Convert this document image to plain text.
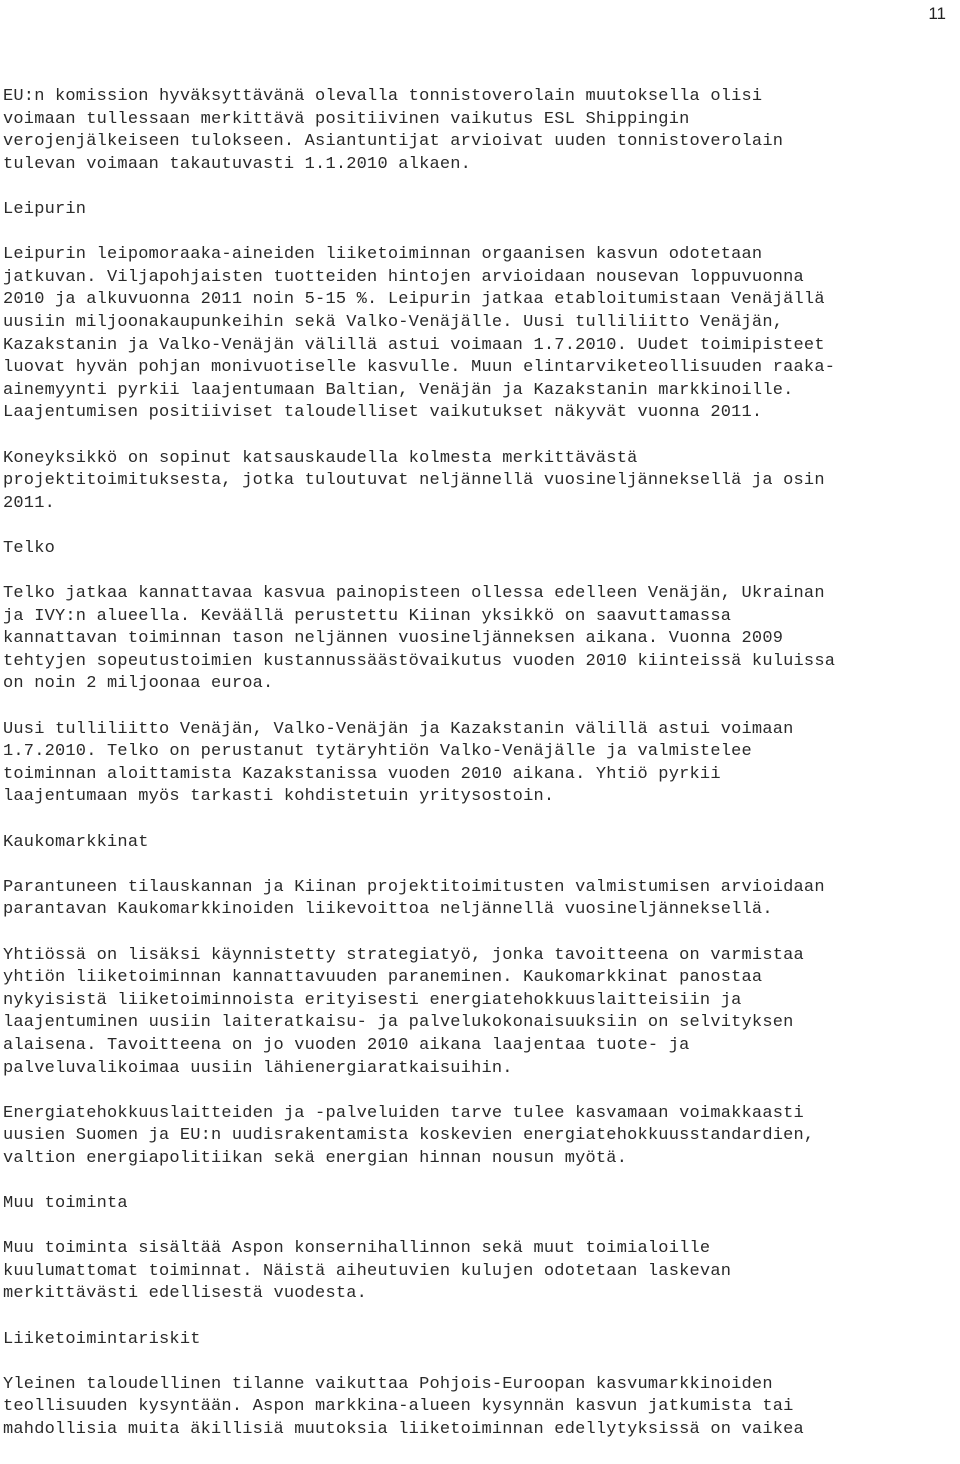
11

EU:n komission hyväksyttävänä olevalla tonnistoverolain muutoksella olisi
voimaan tullessaan merkittävä positiivinen vaikutus ESL Shippingin
verojenjälkeiseen tulokseen. Asiantuntijat arvioivat uuden tonnistoverolain
tulevan voimaan takautuvasti 1.1.2010 alkaen.

Leipurin

Leipurin leipomoraaka-aineiden liiketoiminnan orgaanisen kasvun odotetaan
jatkuvan. Viljapohjaisten tuotteiden hintojen arvioidaan nousevan loppuvuonna
2010 ja alkuvuonna 2011 noin 5-15 %. Leipurin jatkaa etabloitumistaan Venäjällä
uusiin miljoonakaupunkeihin sekä Valko-Venäjälle. Uusi tulliliitto Venäjän,
Kazakstanin ja Valko-Venäjän välillä astui voimaan 1.7.2010. Uudet toimipisteet
luovat hyvän pohjan monivuotiselle kasvulle. Muun elintarviketeollisuuden raaka-
ainemyynti pyrkii laajentumaan Baltian, Venäjän ja Kazakstanin markkinoille.
Laajentumisen positiiviset taloudelliset vaikutukset näkyvät vuonna 2011.

Koneyksikkö on sopinut katsauskaudella kolmesta merkittävästä
projektitoimituksesta, jotka tuloutuvat neljännellä vuosineljänneksellä ja osin
2011.

Telko

Telko jatkaa kannattavaa kasvua painopisteen ollessa edelleen Venäjän, Ukrainan
ja IVY:n alueella. Keväällä perustettu Kiinan yksikkö on saavuttamassa
kannattavan toiminnan tason neljännen vuosineljänneksen aikana. Vuonna 2009
tehtyjen sopeutustoimien kustannussäästövaikutus vuoden 2010 kiinteissä kuluissa
on noin 2 miljoonaa euroa.

Uusi tulliliitto Venäjän, Valko-Venäjän ja Kazakstanin välillä astui voimaan
1.7.2010. Telko on perustanut tytäryhtiön Valko-Venäjälle ja valmistelee
toiminnan aloittamista Kazakstanissa vuoden 2010 aikana. Yhtiö pyrkii
laajentumaan myös tarkasti kohdistetuin yritysostoin.

Kaukomarkkinat

Parantuneen tilauskannan ja Kiinan projektitoimitusten valmistumisen arvioidaan
parantavan Kaukomarkkinoiden liikevoittoa neljännellä vuosineljänneksellä.

Yhtiössä on lisäksi käynnistetty strategiatyö, jonka tavoitteena on varmistaa
yhtiön liiketoiminnan kannattavuuden paraneminen. Kaukomarkkinat panostaa
nykyisistä liiketoiminnoista erityisesti energiatehokkuuslaitteisiin ja
laajentuminen uusiin laiteratkaisu- ja palvelukokonaisuuksiin on selvityksen
alaisena. Tavoitteena on jo vuoden 2010 aikana laajentaa tuote- ja
palveluvalikoimaa uusiin lähienergiaratkaisuihin.

Energiatehokkuuslaitteiden ja -palveluiden tarve tulee kasvamaan voimakkaasti
uusien Suomen ja EU:n uudisrakentamista koskevien energiatehokkuusstandardien,
valtion energiapolitiikan sekä energian hinnan nousun myötä.

Muu toiminta

Muu toiminta sisältää Aspon konsernihallinnon sekä muut toimialoille
kuulumattomat toiminnat. Näistä aiheutuvien kulujen odotetaan laskevan
merkittävästi edellisestä vuodesta.

Liiketoimintariskit

Yleinen taloudellinen tilanne vaikuttaa Pohjois-Euroopan kasvumarkkinoiden
teollisuuden kysyntään. Aspon markkina-alueen kysynnän kasvun jatkumista tai
mahdollisia muita äkillisiä muutoksia liiketoiminnan edellytyksissä on vaikea
